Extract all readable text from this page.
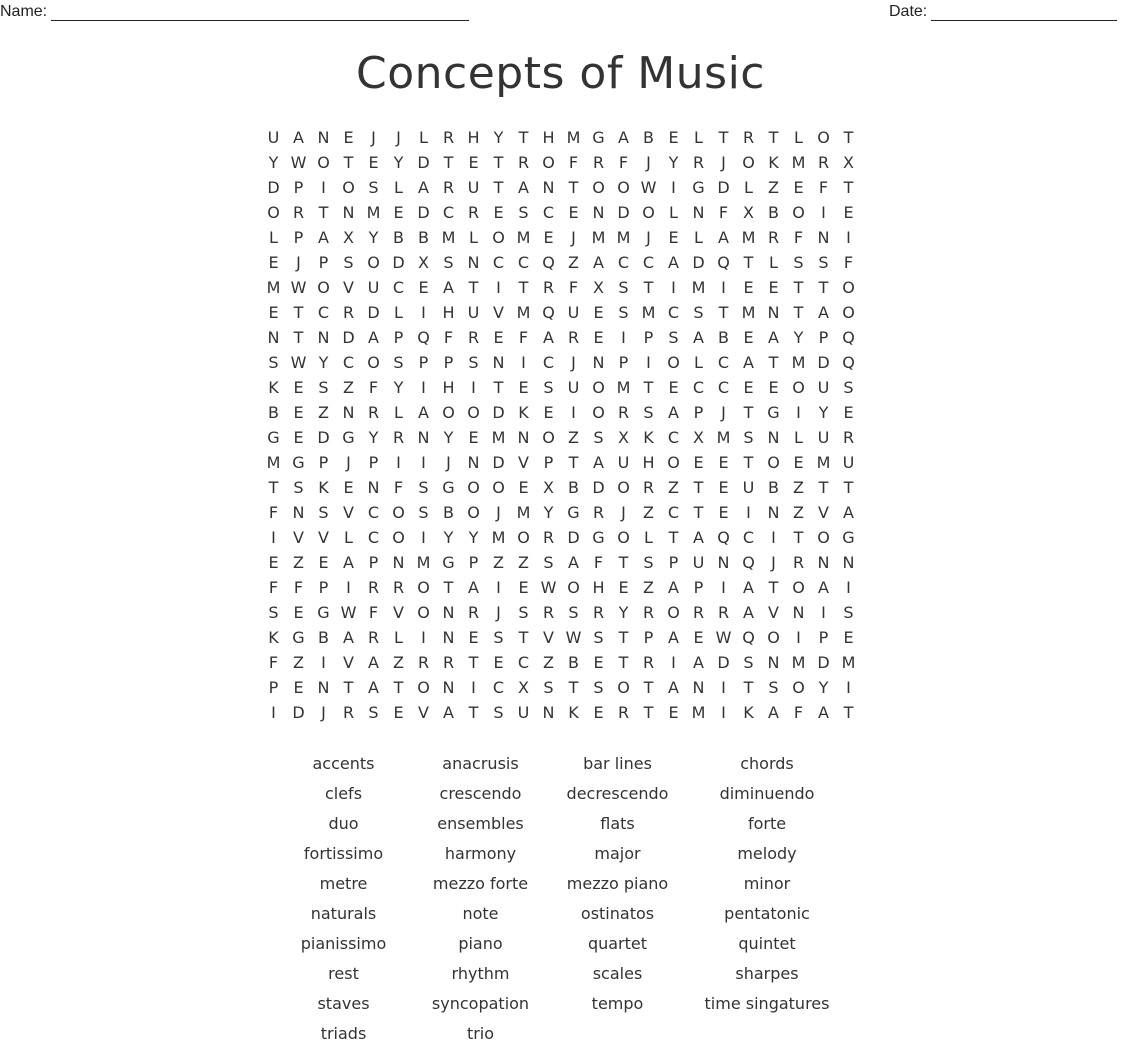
Name:	Date:
Concepts of Music
U A N E	J	J	L R H Y T H M G A B E L T R T L O T
Y W O T E Y D T E T R O F R F	J	Y R	J	O K M R X
D P	I	O S L A R U T A N T O O W I	G D L Z E F T
O R T N M E D C R E S C E N D O L N F X B O	I	E
L P A X Y B B M L O M E	J M M J	E L A M R F N	I
E	J	P S O D X S N C C Q Z A C C A D Q T L S S F
M W O V U C E A T	I	T R F X S T	I M I	E E T T O
E T C R D L	I	H U V M Q U E S M C S T M N T A O
N T N D A P Q F R E F A R E	I	P S A B E A Y P Q
S W Y C O S P P S N	I	C	J	N P	I	O L C A T M D Q
K E S Z F Y	I	H	I	T E S U O M T E C C E E O U S
B E Z N R L A O O D K E	I	O R S A P	J	T G	I	Y E
G E D G Y R N Y E M N O Z S X K C X M S N L U R
M G P	J	P	I	I	J	N D V P T A U H O E E T O E M U
T S K E N F S G O O E X B D O R Z T E U B Z T T
F N S V C O S B O	J M Y G R	J	Z C T E	I	N Z V A
I	V V L C O	I	Y Y M O R D G O L T A Q C	I	T O G
E Z E A P N M G P Z Z S A F T S P U N Q	J	R N N
F F P	I	R R O T A	I	E W O H E Z A P	I	A T O A	I
S E G W F V O N R	J	S R S R Y R O R R A V N	I	S
K G B A R L	I	N E S T V W S T P A E W Q O	I	P E
F Z	I	V A Z R R T E C Z B E T R	I	A D S N M D M
P E N T A T O N	I	C X S T S O T A N	I	T S O Y	I
I	D	J	R S E V A T S U N K E R T E M I	K A F A T
accents	anacrusis	bar lines	chords
clefs	crescendo	decrescendo	diminuendo
duo	ensembles	flats	forte
fortissimo	harmony	major	melody
metre	mezzo forte	mezzo piano	minor
naturals	note	ostinatos	pentatonic
pianissimo	piano	quartet	quintet
rest	rhythm	scales	sharpes
staves	syncopation	tempo	time singatures
triads	trio
